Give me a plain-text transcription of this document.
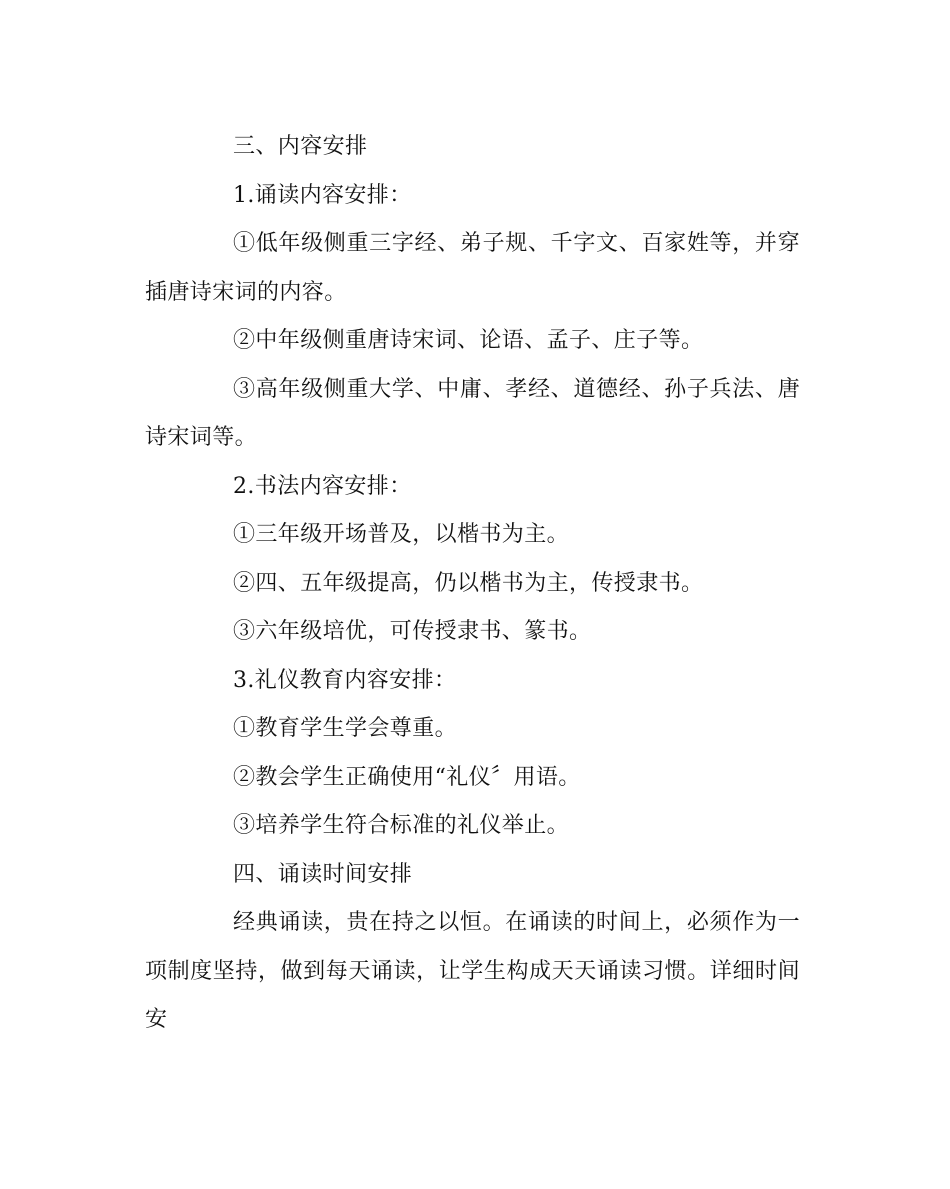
三、内容安排

1.诵读内容安排：

①低年级侧重三字经、弟子规、千字文、百家姓等，并穿插唐诗宋词的内容。

②中年级侧重唐诗宋词、论语、孟子、庄子等。

③高年级侧重大学、中庸、孝经、道德经、孙子兵法、唐诗宋词等。

2.书法内容安排：

①三年级开场普及，以楷书为主。

②四、五年级提高，仍以楷书为主，传授隶书。

③六年级培优，可传授隶书、篆书。

3.礼仪教育内容安排：

①教育学生学会尊重。

②教会学生正确使用“礼仪〞用语。

③培养学生符合标准的礼仪举止。

四、诵读时间安排

经典诵读，贵在持之以恒。在诵读的时间上，必须作为一项制度坚持，做到每天诵读，让学生构成天天诵读习惯。详细时间安
